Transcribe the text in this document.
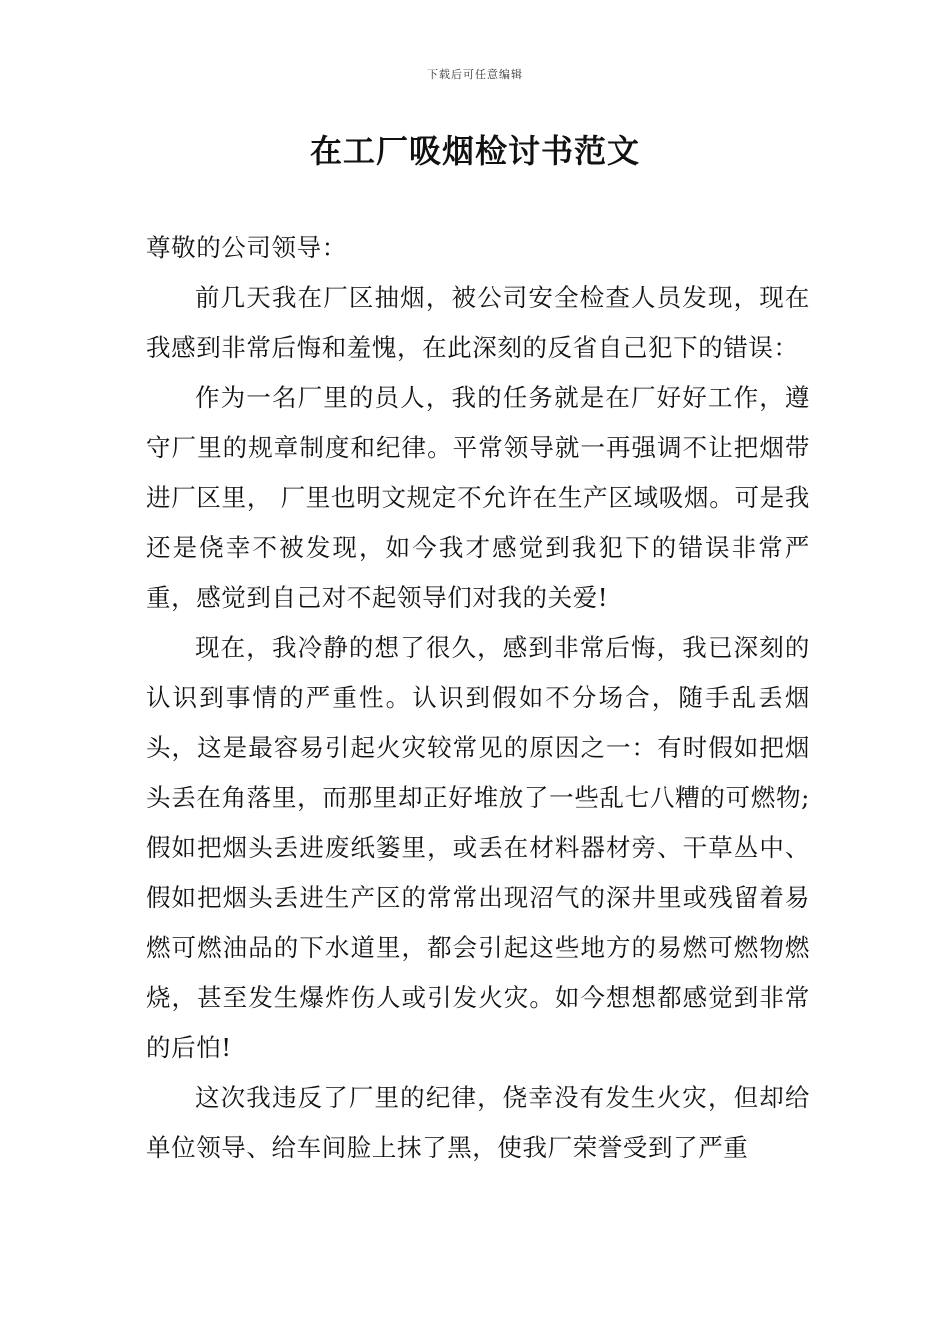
下载后可任意编辑
在工厂吸烟检讨书范文

尊敬的公司领导：

前几天我在厂区抽烟，被公司安全检查人员发现，现在我感到非常后悔和羞愧，在此深刻的反省自己犯下的错误：

作为一名厂里的员人，我的任务就是在厂好好工作，遵守厂里的规章制度和纪律。平常领导就一再强调不让把烟带进厂区里， 厂里也明文规定不允许在生产区域吸烟。可是我还是侥幸不被发现，如今我才感觉到我犯下的错误非常严重，感觉到自己对不起领导们对我的关爱!

现在，我冷静的想了很久，感到非常后悔，我已深刻的认识到事情的严重性。认识到假如不分场合，随手乱丢烟头，这是最容易引起火灾较常见的原因之一：有时假如把烟头丢在角落里，而那里却正好堆放了一些乱七八糟的可燃物;假如把烟头丢进废纸篓里，或丢在材料器材旁、干草丛中、假如把烟头丢进生产区的常常出现沼气的深井里或残留着易燃可燃油品的下水道里，都会引起这些地方的易燃可燃物燃烧，甚至发生爆炸伤人或引发火灾。如今想想都感觉到非常的后怕!

这次我违反了厂里的纪律，侥幸没有发生火灾，但却给单位领导、给车间脸上抹了黑，使我厂荣誉受到了严重
